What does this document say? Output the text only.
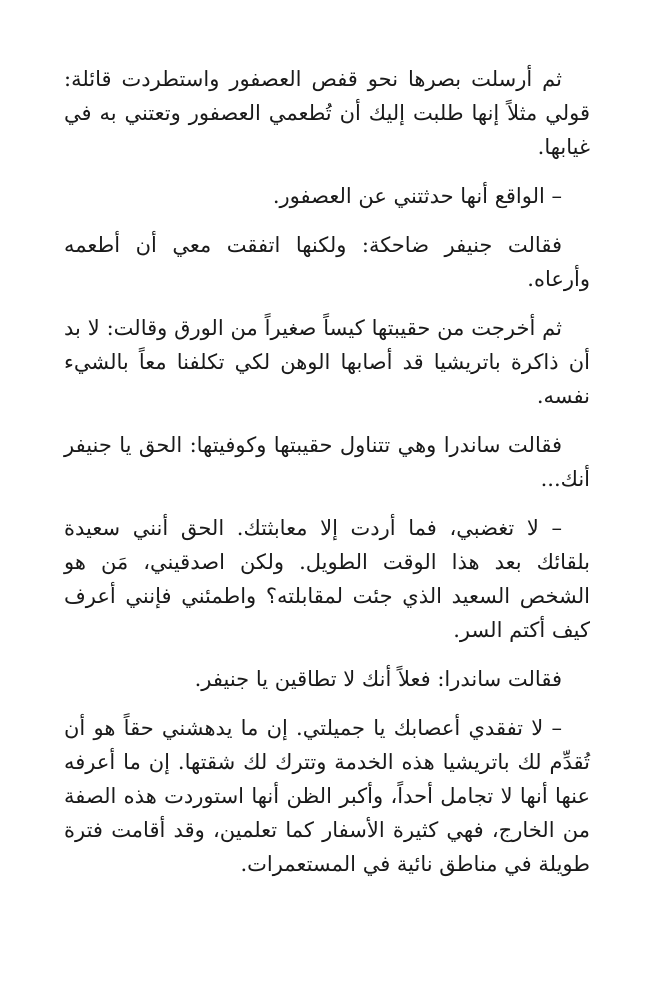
ثم أرسلت بصرها نحو قفص العصفور واستطردت قائلة: قولي مثلاً إنها طلبت إليك أن تُطعمي العصفور وتعتني به في غيابها.

– الواقع أنها حدثتني عن العصفور.

فقالت جنيفر ضاحكة: ولكنها اتفقت معي أن أطعمه وأرعاه.

ثم أخرجت من حقيبتها كيساً صغيراً من الورق وقالت: لا بد أن ذاكرة باتريشيا قد أصابها الوهن لكي تكلفنا معاً بالشيء نفسه.

فقالت ساندرا وهي تتناول حقيبتها وكوفيتها: الحق يا جنيفر أنك...

– لا تغضبي، فما أردت إلا معابثتك. الحق أنني سعيدة بلقائك بعد هذا الوقت الطويل. ولكن اصدقيني، مَن هو الشخص السعيد الذي جئت لمقابلته؟ واطمئني فإنني أعرف كيف أكتم السر.

فقالت ساندرا: فعلاً أنك لا تطاقين يا جنيفر.

– لا تفقدي أعصابك يا جميلتي. إن ما يدهشني حقاً هو أن تُقدِّم لك باتريشيا هذه الخدمة وتترك لك شقتها. إن ما أعرفه عنها أنها لا تجامل أحداً، وأكبر الظن أنها استوردت هذه الصفة من الخارج، فهي كثيرة الأسفار كما تعلمين، وقد أقامت فترة طويلة في مناطق نائية في المستعمرات.
